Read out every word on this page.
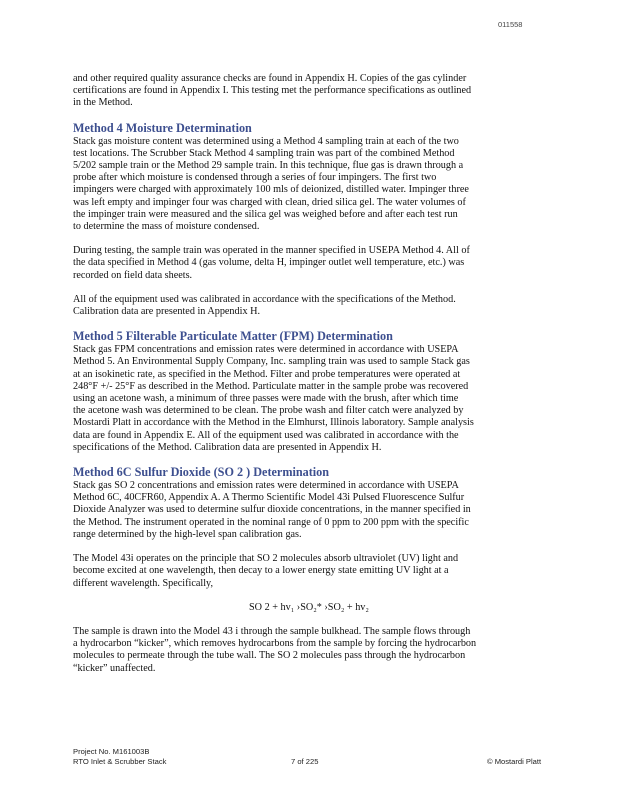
011558

and other required quality assurance checks are found in Appendix H. Copies of the gas cylinder

certifications are found in Appendix I. This testing met the performance specifications as outlined

in the Method.

Method 4 Moisture Determination

Stack gas moisture content was determined using a Method 4 sampling train at each of the two

test locations. The Scrubber Stack Method 4 sampling train was part of the combined Method

5/202 sample train or the Method 29 sample train. In this technique, flue gas is drawn through a

probe after which moisture is condensed through a series of four impingers. The first two

impingers were charged with approximately 100 mls of deionized, distilled water. Impinger three

was left empty and impinger four was charged with clean, dried silica gel. The water volumes of

the impinger train were measured and the silica gel was weighed before and after each test run

to determine the mass of moisture condensed.

During testing, the sample train was operated in the manner specified in USEPA Method 4. All of

the data specified in Method 4 (gas volume, delta H, impinger outlet well temperature, etc.) was

recorded on field data sheets.

All of the equipment used was calibrated in accordance with the specifications of the Method.

Calibration data are presented in Appendix H.

Method 5 Filterable Particulate Matter (FPM) Determination

Stack gas FPM concentrations and emission rates were determined in accordance with USEPA

Method 5. An Environmental Supply Company, Inc. sampling train was used to sample Stack gas

at an isokinetic rate, as specified in the Method. Filter and probe temperatures were operated at

248°F +/- 25°F as described in the Method. Particulate matter in the sample probe was recovered

using an acetone wash, a minimum of three passes were made with the brush, after which time

the acetone wash was determined to be clean. The probe wash and filter catch were analyzed by

Mostardi Platt in accordance with the Method in the Elmhurst, Illinois laboratory. Sample analysis

data are found in Appendix E. All of the equipment used was calibrated in accordance with the

specifications of the Method. Calibration data are presented in Appendix H.

Method 6C Sulfur Dioxide (SO 2 ) Determination

Stack gas SO 2 concentrations and emission rates were determined in accordance with USEPA

Method 6C, 40CFR60, Appendix A. A Thermo Scientific Model 43i Pulsed Fluorescence Sulfur

Dioxide Analyzer was used to determine sulfur dioxide concentrations, in the manner specified in

the Method. The instrument operated in the nominal range of 0 ppm to 200 ppm with the specific

range determined by the high-level span calibration gas.

The Model 43i operates on the principle that SO 2 molecules absorb ultraviolet (UV) light and

become excited at one wavelength, then decay to a lower energy state emitting UV light at a

different wavelength. Specifically,

SO 2 + hv₁ ›SO₂* ›SO₂ + hv₂

The sample is drawn into the Model 43 i through the sample bulkhead. The sample flows through

a hydrocarbon “kicker”, which removes hydrocarbons from the sample by forcing the hydrocarbon

molecules to permeate through the tube wall. The SO 2 molecules pass through the hydrocarbon

“kicker” unaffected.

Project No. M161003B
RTO Inlet & Scrubber Stack	7 of 225	© Mostardi Platt
